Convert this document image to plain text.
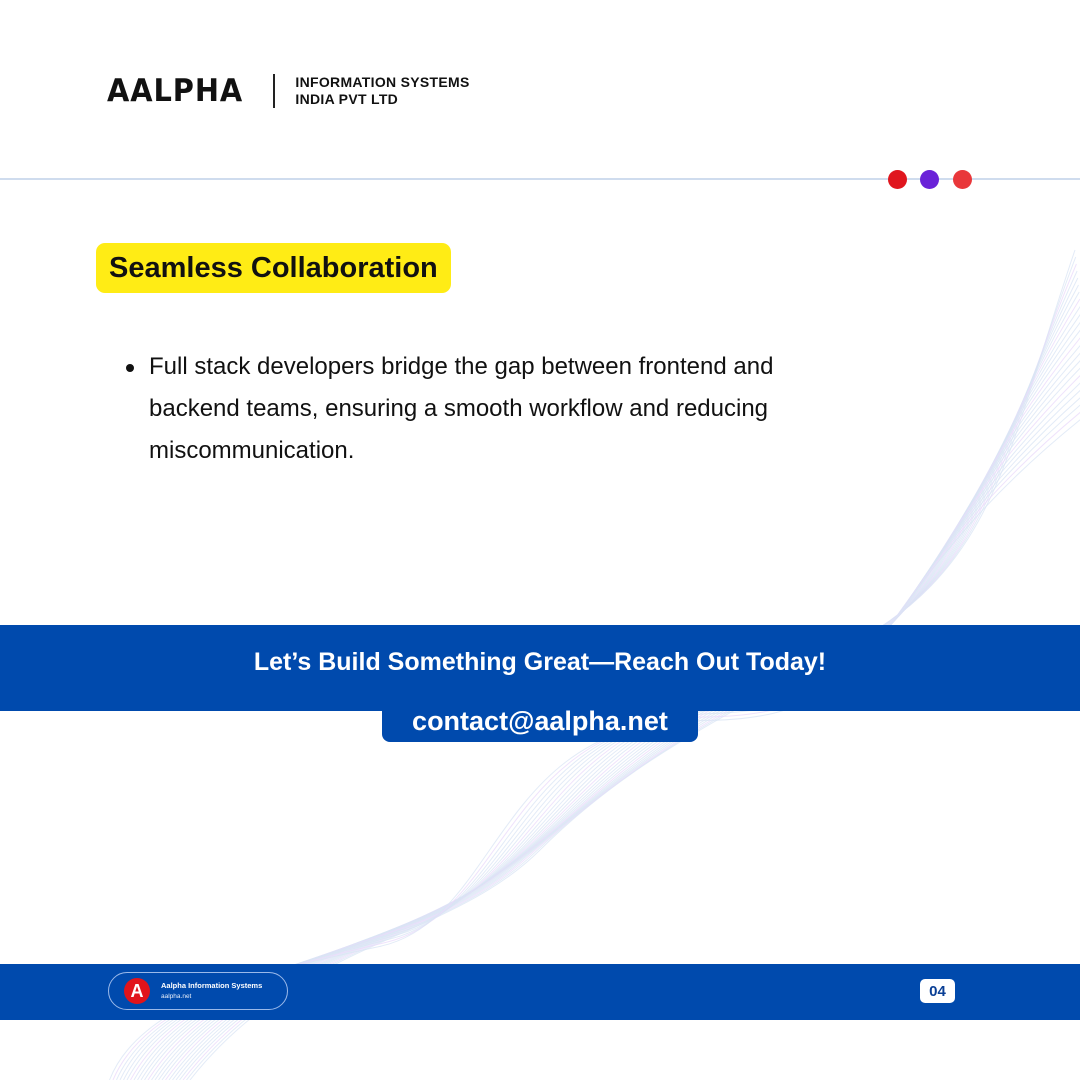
AALPHA	INFORMATION SYSTEMS
INDIA PVT LTD
Seamless Collaboration
Full stack developers bridge the gap between frontend and backend teams, ensuring a smooth workflow and reducing miscommunication.
Let’s Build Something Great—Reach Out Today!
contact@aalpha.net
A	Aalpha Information Systems
aalpha.net	04
